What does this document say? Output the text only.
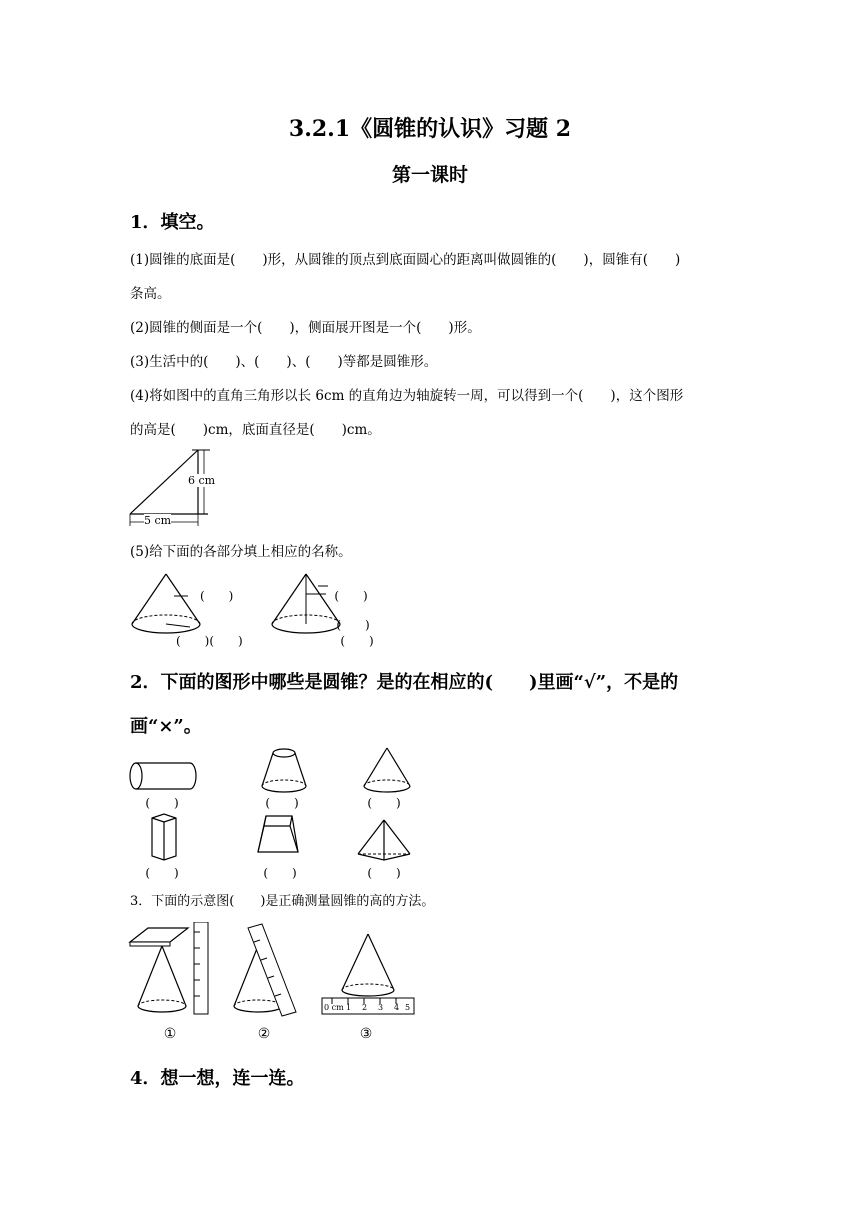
3.2.1《圆锥的认识》习题 2
第一课时
1．填空。
(1)圆锥的底面是(　　)形，从圆锥的顶点到底面圆心的距离叫做圆锥的(　　)，圆锥有(　　)
条高。
(2)圆锥的侧面是一个(　　)，侧面展开图是一个(　　)形。
(3)生活中的(　　)、(　　)、(　　)等都是圆锥形。
(4)将如图中的直角三角形以长 6cm 的直角边为轴旋转一周，可以得到一个(　　)，这个图形
的高是(　　)cm，底面直径是(　　)cm。
6 cm
5 cm
(5)给下面的各部分填上相应的名称。
(　　)
(　　) (　　)
(　　)
(　　)
(　　)
2．下面的图形中哪些是圆锥？是的在相应的(　　)里画“√”，不是的
画“×”。
(　　)	(　　)	(　　)
(　　)	(　　)	(　　)
3．下面的示意图(　　)是正确测量圆锥的高的方法。
①	②
0 cm 1 2 3 4 5
③
4．想一想，连一连。
